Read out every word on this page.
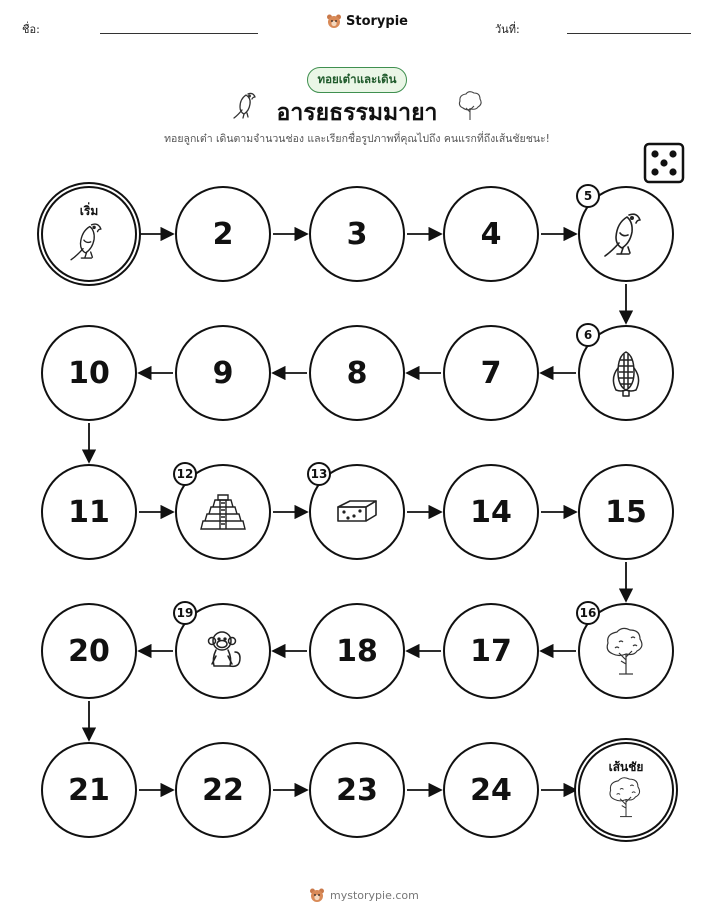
ชื่อ:
Storypie
วันที่:
ทอยเต๋าและเดิน
อารยธรรมมายา
ทอยลูกเต๋า เดินตามจำนวนช่อง และเรียกชื่อรูปภาพที่คุณไปถึง คนแรกที่ถึงเส้นชัยชนะ!
เริ่ม
2	3	4
5
6
7
8
9
10
11
12	13
14	15
16
17
18
19
20
21	22	23	24
เส้นชัย
mystorypie.com
